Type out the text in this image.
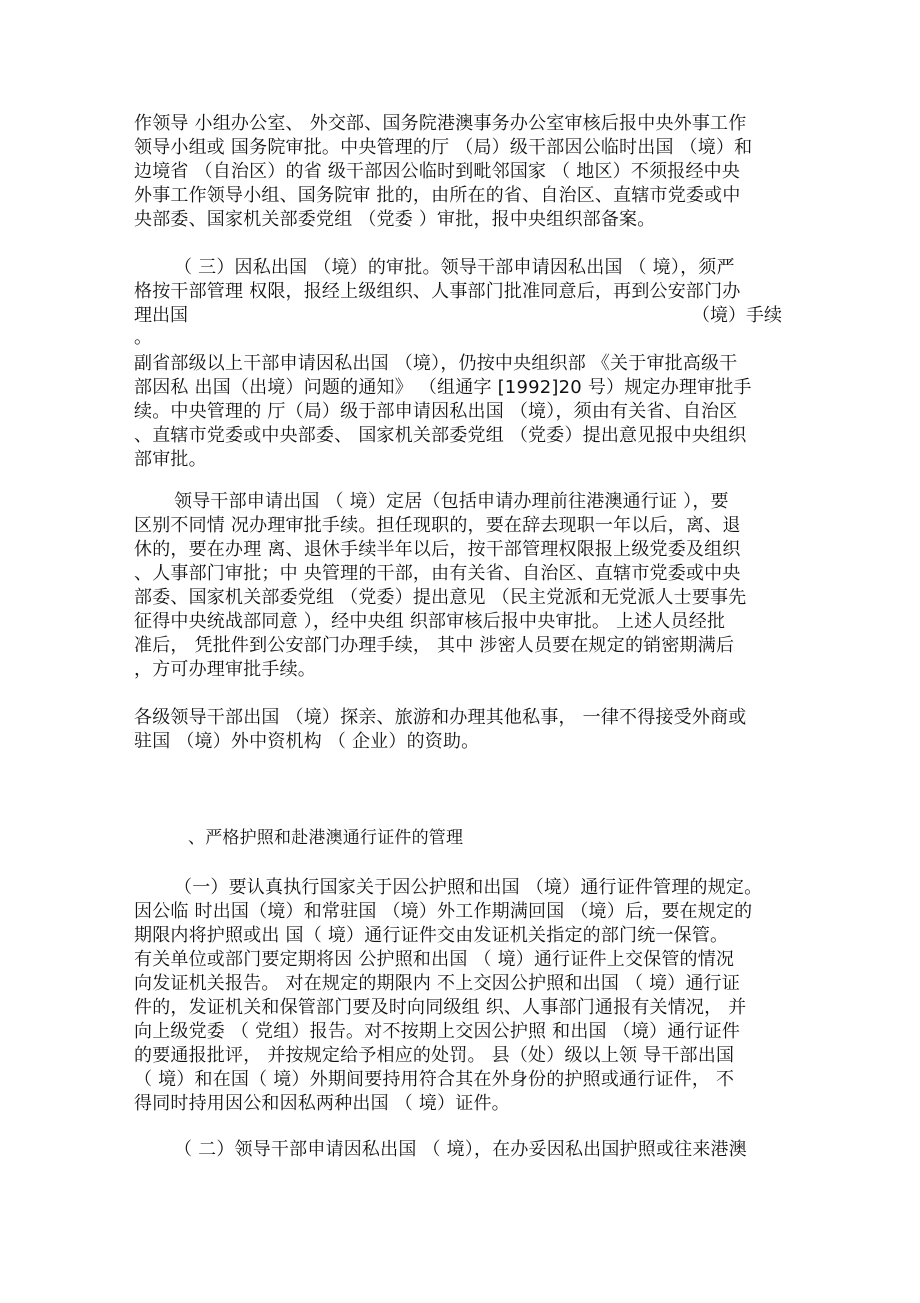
作领导 小组办公室、 外交部、国务院港澳事务办公室审核后报中央外事工作
领导小组或 国务院审批。中央管理的厅 （局）级干部因公临时出国 （境）和
边境省 （自治区）的省 级干部因公临时到毗邻国家 （ 地区）不须报经中央
外事工作领导小组、国务院审 批的，由所在的省、自治区、直辖市党委或中
央部委、国家机关部委党组 （党委 ）审批，报中央组织部备案。
（ 三）因私出国 （境）的审批。领导干部申请因私出国 （ 境），须严
格按干部管理 权限，报经上级组织、人事部门批准同意后，再到公安部门办
理出国	（境）手续
。
副省部级以上干部申请因私出国 （境），仍按中央组织部 《关于审批高级干
部因私 出国（出境）问题的通知》 （组通字 [1992]20 号）规定办理审批手
续。中央管理的 厅（局）级于部申请因私出国 （境），须由有关省、自治区
、直辖市党委或中央部委、 国家机关部委党组 （党委）提出意见报中央组织
部审批。
领导干部申请出国 （ 境）定居（包括申请办理前往港澳通行证 ），要
区别不同情 况办理审批手续。担任现职的，要在辞去现职一年以后，离、退
休的，要在办理 离、退休手续半年以后，按干部管理权限报上级党委及组织
、人事部门审批；中 央管理的干部，由有关省、自治区、直辖市党委或中央
部委、国家机关部委党组 （党委）提出意见 （民主党派和无党派人士要事先
征得中央统战部同意 ），经中央组 织部审核后报中央审批。 上述人员经批
准后， 凭批件到公安部门办理手续， 其中 涉密人员要在规定的销密期满后
，方可办理审批手续。
各级领导干部出国 （境）探亲、旅游和办理其他私事， 一律不得接受外商或
驻国 （境）外中资机构 （ 企业）的资助。
、严格护照和赴港澳通行证件的管理
（一）要认真执行国家关于因公护照和出国 （境）通行证件管理的规定。
因公临 时出国（境）和常驻国 （境）外工作期满回国 （境）后，要在规定的
期限内将护照或出 国（ 境）通行证件交由发证机关指定的部门统一保管。
有关单位或部门要定期将因 公护照和出国 （ 境）通行证件上交保管的情况
向发证机关报告。 对在规定的期限内 不上交因公护照和出国 （ 境）通行证
件的，发证机关和保管部门要及时向同级组 织、人事部门通报有关情况， 并
向上级党委 （ 党组）报告。对不按期上交因公护照 和出国 （境）通行证件
的要通报批评， 并按规定给予相应的处罚。 县（处）级以上领 导干部出国
（ 境）和在国（ 境）外期间要持用符合其在外身份的护照或通行证件， 不
得同时持用因公和因私两种出国 （ 境）证件。
（ 二）领导干部申请因私出国 （ 境），在办妥因私出国护照或往来港澳
